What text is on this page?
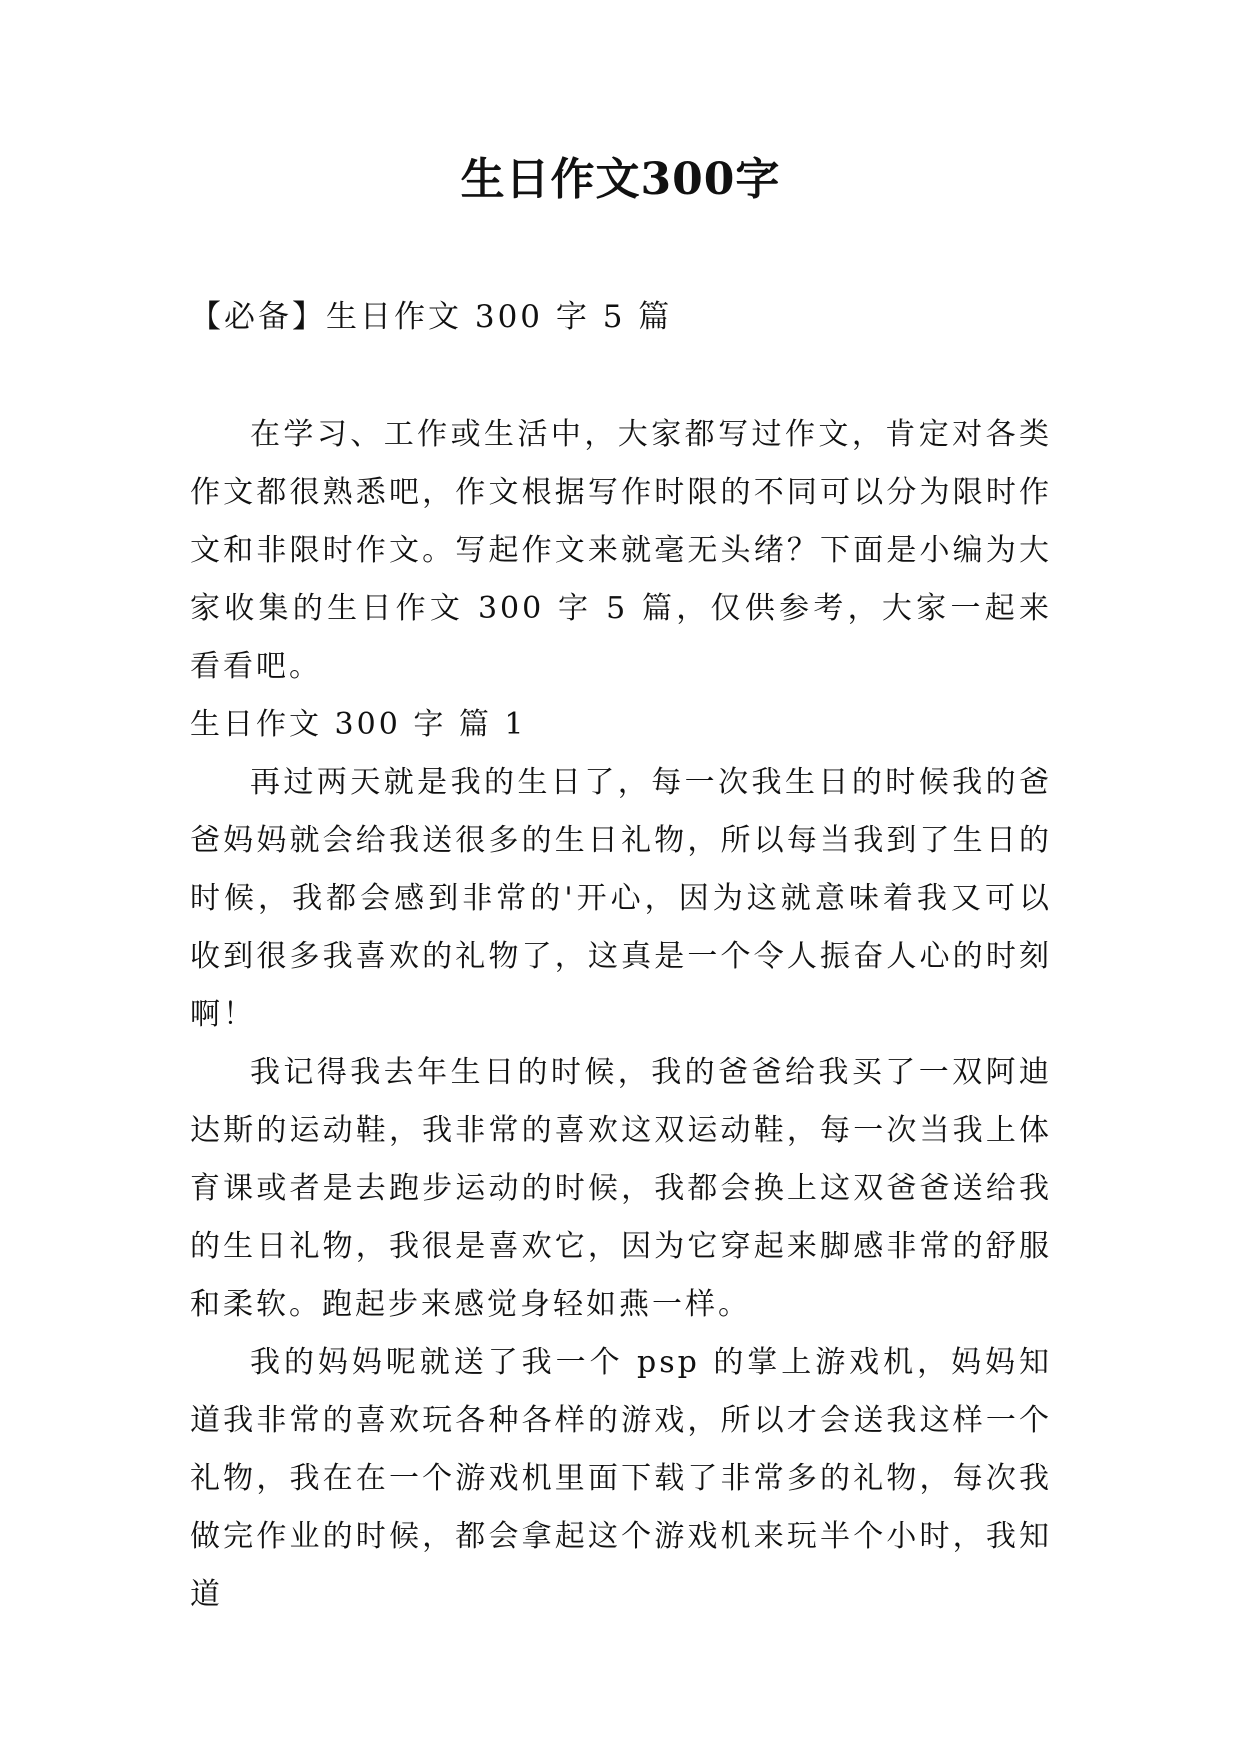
生日作文300字

【必备】生日作文 300 字 5 篇

在学习、工作或生活中，大家都写过作文，肯定对各类作文都很熟悉吧，作文根据写作时限的不同可以分为限时作文和非限时作文。写起作文来就毫无头绪？下面是小编为大家收集的生日作文 300 字 5 篇，仅供参考，大家一起来看看吧。

生日作文 300 字 篇 1

再过两天就是我的生日了，每一次我生日的时候我的爸爸妈妈就会给我送很多的生日礼物，所以每当我到了生日的时候，我都会感到非常的'开心，因为这就意味着我又可以收到很多我喜欢的礼物了，这真是一个令人振奋人心的时刻啊！

我记得我去年生日的时候，我的爸爸给我买了一双阿迪达斯的运动鞋，我非常的喜欢这双运动鞋，每一次当我上体育课或者是去跑步运动的时候，我都会换上这双爸爸送给我的生日礼物，我很是喜欢它，因为它穿起来脚感非常的舒服和柔软。跑起步来感觉身轻如燕一样。

我的妈妈呢就送了我一个 psp 的掌上游戏机，妈妈知道我非常的喜欢玩各种各样的游戏，所以才会送我这样一个礼物，我在在一个游戏机里面下载了非常多的礼物，每次我做完作业的时候，都会拿起这个游戏机来玩半个小时，我知道
